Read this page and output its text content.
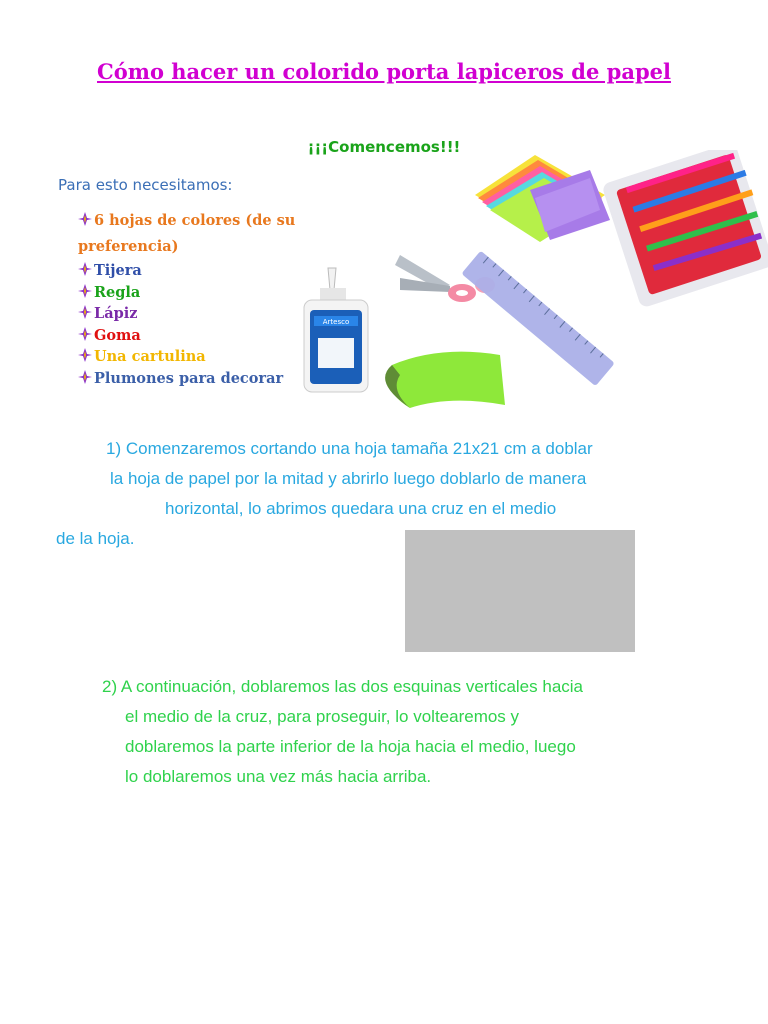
Cómo hacer un colorido porta lapiceros de papel
¡¡¡Comencemos!!!
Para esto necesitamos:
6 hojas de colores (de su preferencia)
Tijera
Regla
Lápiz
Goma
Una cartulina
Plumones para decorar
Artesco
1) Comenzaremos cortando una hoja tamaña 21x21 cm a doblar
la hoja de papel por la mitad y abrirlo luego doblarlo de manera
horizontal, lo abrimos quedara una cruz en el medio
de la hoja.
2) A continuación, doblaremos las dos esquinas verticales hacia
el medio de la cruz, para proseguir, lo voltearemos y
doblaremos la parte inferior de la hoja hacia el medio, luego
lo doblaremos una vez más hacia arriba.
